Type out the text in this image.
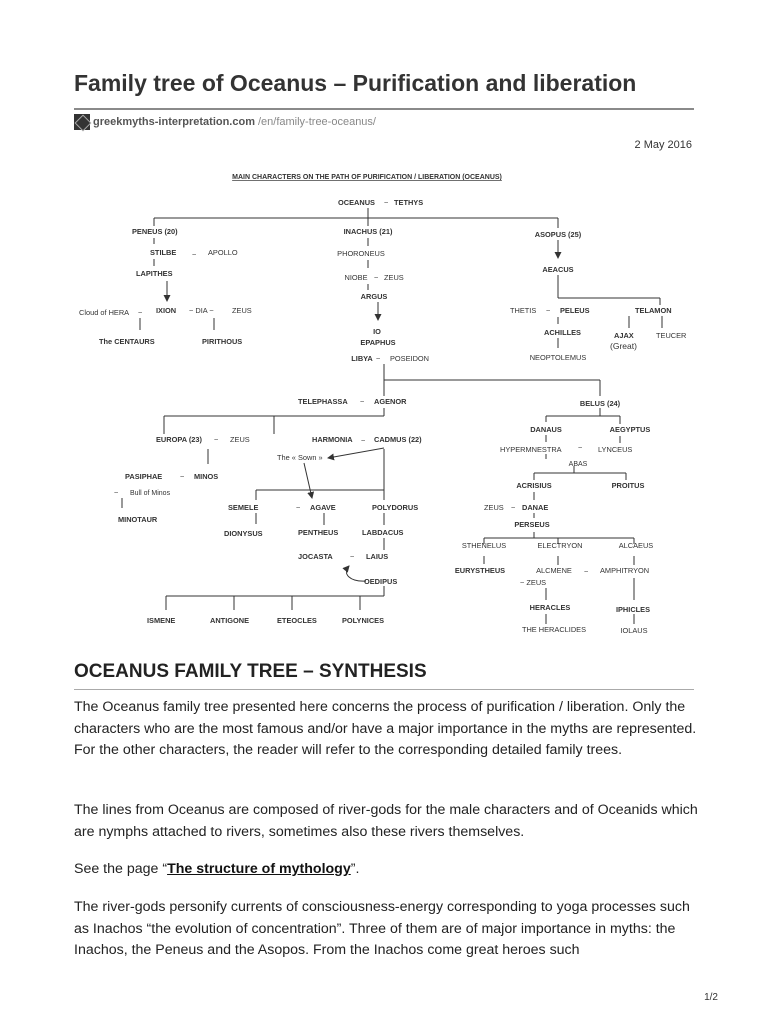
Family tree of Oceanus – Purification and liberation
greekmyths-interpretation.com /en/family-tree-oceanus/
2 May 2016
MAIN CHARACTERS ON THE PATH OF PURIFICATION / LIBERATION (OCEANUS)
OCEANUS ~ TETHYS
PENEUS (20)
STILBE ~ APOLLO
LAPITHES
Cloud of HERA ~ IXION ~ DIA ~ ZEUS
The CENTAURS	PIRITHOUS
INACHUS (21)
PHORONEUS
NIOBE ~ ZEUS
ARGUS
IO
EPAPHUS
LIBYA ~ POSEIDON
ASOPUS (25)
AEACUS
THETIS ~ PELEUS	TELAMON
ACHILLES	AJAX
(Great)
TEUCER
NEOPTOLEMUS
TELEPHASSA ~ AGENOR	BELUS (24)
EUROPA (23) ~ ZEUS	HARMONIA ~ CADMUS (22)
The « Sown »
PASIPHAE ~ MINOS
~ Bull of Minos
MINOTAUR
SEMELE	~ AGAVE	POLYDORUS
DIONYSUS	PENTHEUS	LABDACUS
JOCASTA ~ LAIUS
OEDIPUS
ISMENE	ANTIGONE	ETEOCLES	POLYNICES
DANAUS	AEGYPTUS
HYPERMNESTRA ~ LYNCEUS
ABAS
ACRISIUS	PROITUS
ZEUS ~ DANAE
PERSEUS
STHENELUS	ELECTRYON	ALCAEUS
EURYSTHEUS	ALCMENE ~ AMPHITRYON
~ ZEUS
HERACLES	IPHICLES
THE HERACLIDES	IOLAUS
OCEANUS FAMILY TREE – SYNTHESIS

The Oceanus family tree presented here concerns the process of purification / liberation. Only the characters who are the most famous and/or have a major importance in the myths are represented. For the other characters, the reader will refer to the corresponding detailed family trees.

The lines from Oceanus are composed of river-gods for the male characters and of Oceanids which are nymphs attached to rivers, sometimes also these rivers themselves.

See the page “The structure of mythology”.

The river-gods personify currents of consciousness-energy corresponding to yoga processes such as Inachos “the evolution of concentration”. Three of them are of major importance in myths: the Inachos, the Peneus and the Asopos. From the Inachos come great heroes such

1/2
